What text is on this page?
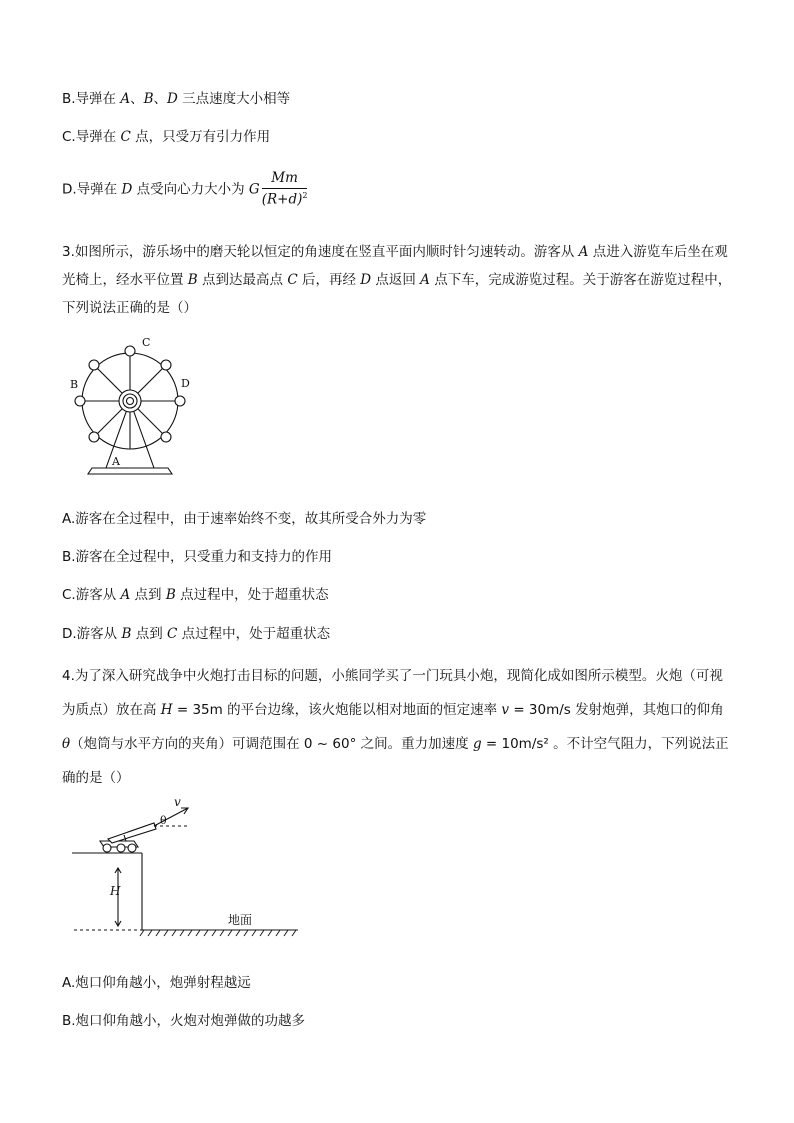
B.导弹在 A、B、D 三点速度大小相等
C.导弹在 C 点，只受万有引力作用
D.导弹在 D 点受向心力大小为 G $\frac{Mm}{(R+d)^2}$
3.如图所示，游乐场中的磨天轮以恒定的角速度在竖直平面内顺时针匀速转动。游客从 A 点进入游览车后坐在观光椅上，经水平位置 B 点到达最高点 C 后，再经 D 点返回 A 点下车，完成游览过程。关于游客在游览过程中，下列说法正确的是（）
C
B	D
A
A.游客在全过程中，由于速率始终不变，故其所受合外力为零
B.游客在全过程中，只受重力和支持力的作用
C.游客从 A 点到 B 点过程中，处于超重状态
D.游客从 B 点到 C 点过程中，处于超重状态
4.为了深入研究战争中火炮打击目标的问题，小熊同学买了一门玩具小炮，现简化成如图所示模型。火炮（可视为质点）放在高 H = 35m 的平台边缘，该火炮能以相对地面的恒定速率 v = 30m/s 发射炮弹，其炮口的仰角 θ（炮筒与水平方向的夹角）可调范围在 0 ~ 60° 之间。重力加速度 g = 10m/s² 。不计空气阻力，下列说法正确的是（）
v
θ
H
地面
A.炮口仰角越小，炮弹射程越远
B.炮口仰角越小，火炮对炮弹做的功越多
